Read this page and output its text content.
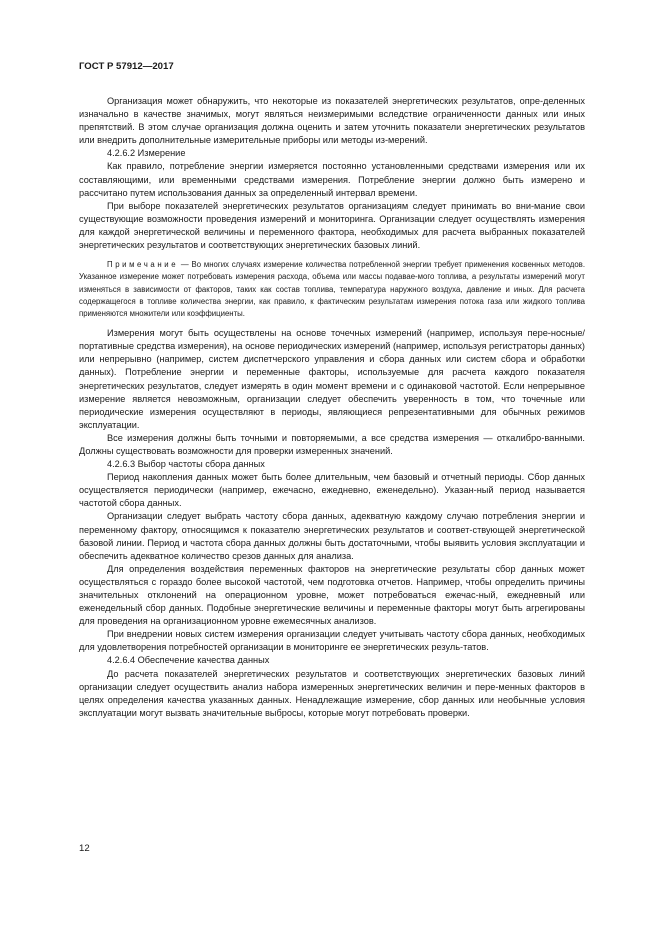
ГОСТ Р 57912—2017

Организация может обнаружить, что некоторые из показателей энергетических результатов, опре-деленных изначально в качестве значимых, могут являться неизмеримыми вследствие ограниченности данных или иных препятствий. В этом случае организация должна оценить и затем уточнить показатели энергетических результатов или внедрить дополнительные измерительные приборы или методы из-мерений.

4.2.6.2 Измерение

Как правило, потребление энергии измеряется постоянно установленными средствами измерения или их составляющими, или временными средствами измерения. Потребление энергии должно быть измерено и рассчитано путем использования данных за определенный интервал времени.

При выборе показателей энергетических результатов организациям следует принимать во вни-мание свои существующие возможности проведения измерений и мониторинга. Организации следует осуществлять измерения для каждой энергетической величины и переменного фактора, необходимых для расчета выбранных показателей энергетических результатов и соответствующих энергетических базовых линий.

Примечание — Во многих случаях измерение количества потребленной энергии требует применения косвенных методов. Указанное измерение может потребовать измерения расхода, объема или массы подавае-мого топлива, а результаты измерений могут изменяться в зависимости от факторов, таких как состав топлива, температура наружного воздуха, давление и иных. Для расчета содержащегося в топливе количества энергии, как правило, к фактическим результатам измерения потока газа или жидкого топлива применяются множители или коэффициенты.

Измерения могут быть осуществлены на основе точечных измерений (например, используя пере-носные/портативные средства измерения), на основе периодических измерений (например, используя регистраторы данных) или непрерывно (например, систем диспетчерского управления и сбора данных или систем сбора и обработки данных). Потребление энергии и переменные факторы, используемые для расчета каждого показателя энергетических результатов, следует измерять в один момент времени и с одинаковой частотой. Если непрерывное измерение является невозможным, организации следует обеспечить уверенность в том, что точечные или периодические измерения осуществляют в периоды, являющиеся репрезентативными для обычных режимов эксплуатации.

Все измерения должны быть точными и повторяемыми, а все средства измерения — откалибро-ванными. Должны существовать возможности для проверки измеренных значений.

4.2.6.3 Выбор частоты сбора данных

Период накопления данных может быть более длительным, чем базовый и отчетный периоды. Сбор данных осуществляется периодически (например, ежечасно, ежедневно, еженедельно). Указан-ный период называется частотой сбора данных.

Организации следует выбрать частоту сбора данных, адекватную каждому случаю потребления энергии и переменному фактору, относящимся к показателю энергетических результатов и соответ-ствующей энергетической базовой линии. Период и частота сбора данных должны быть достаточными, чтобы выявить условия эксплуатации и обеспечить адекватное количество срезов данных для анализа.

Для определения воздействия переменных факторов на энергетические результаты сбор данных может осуществляться с гораздо более высокой частотой, чем подготовка отчетов. Например, чтобы определить причины значительных отклонений на операционном уровне, может потребоваться ежечас-ный, ежедневный или еженедельный сбор данных. Подобные энергетические величины и переменные факторы могут быть агрегированы для проведения на организационном уровне ежемесячных анализов.

При внедрении новых систем измерения организации следует учитывать частоту сбора данных, необходимых для удовлетворения потребностей организации в мониторинге ее энергетических резуль-татов.

4.2.6.4 Обеспечение качества данных

До расчета показателей энергетических результатов и соответствующих энергетических базовых линий организации следует осуществить анализ набора измеренных энергетических величин и пере-менных факторов в целях определения качества указанных данных. Ненадлежащие измерение, сбор данных или необычные условия эксплуатации могут вызвать значительные выбросы, которые могут потребовать проверки.

12
